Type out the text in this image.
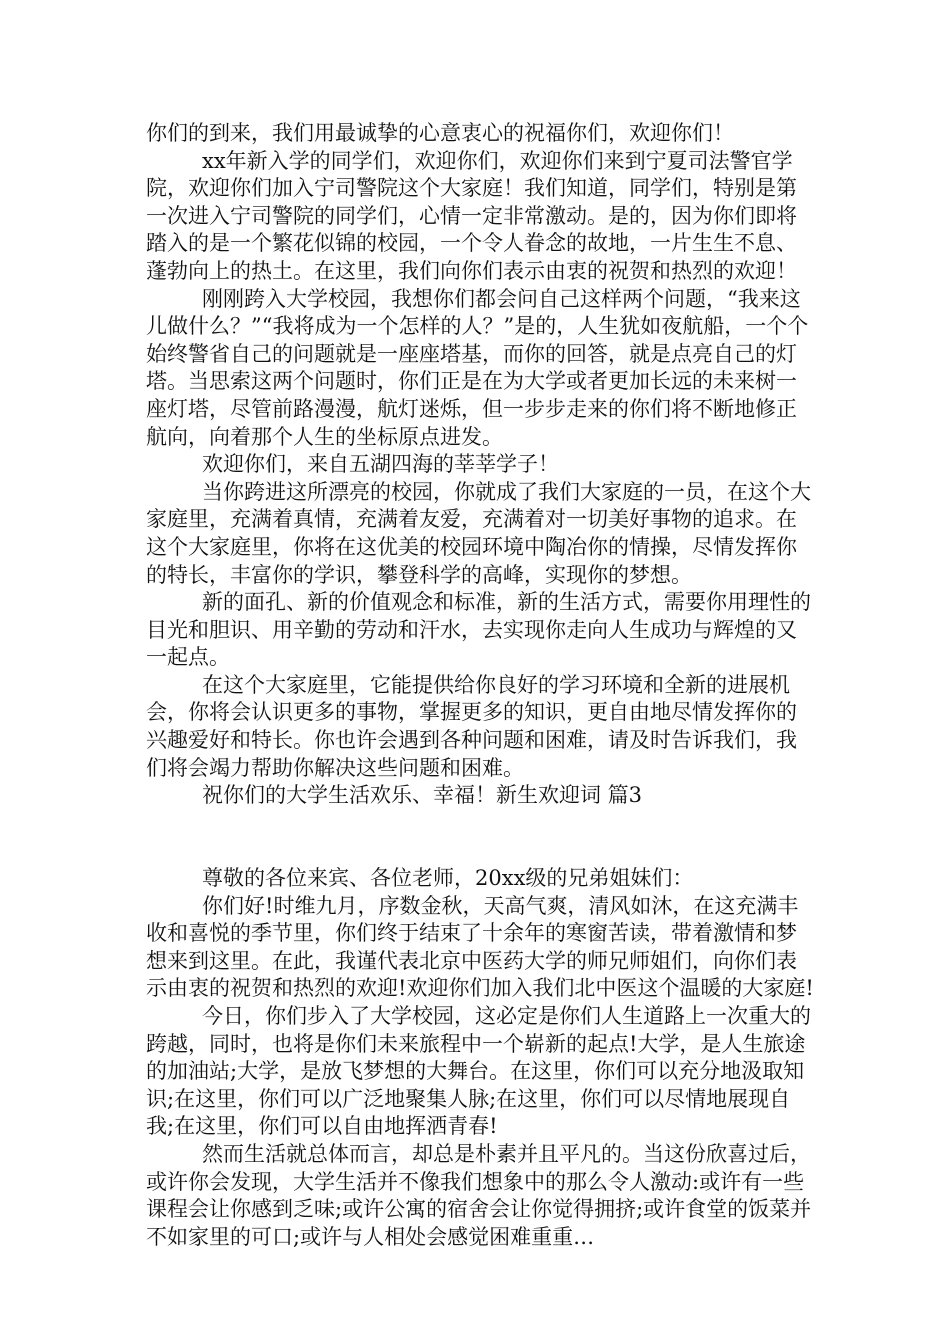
你们的到来，我们用最诚挚的心意衷心的祝福你们，欢迎你们！

xx年新入学的同学们，欢迎你们，欢迎你们来到宁夏司法警官学院，欢迎你们加入宁司警院这个大家庭！我们知道，同学们，特别是第一次进入宁司警院的同学们，心情一定非常激动。是的，因为你们即将踏入的是一个繁花似锦的校园，一个令人眷念的故地，一片生生不息、蓬勃向上的热土。在这里，我们向你们表示由衷的祝贺和热烈的欢迎！

刚刚跨入大学校园，我想你们都会问自己这样两个问题，“我来这儿做什么？”“我将成为一个怎样的人？”是的，人生犹如夜航船，一个个始终警省自己的问题就是一座座塔基，而你的回答，就是点亮自己的灯塔。当思索这两个问题时，你们正是在为大学或者更加长远的未来树一座灯塔，尽管前路漫漫，航灯迷烁，但一步步走来的你们将不断地修正航向，向着那个人生的坐标原点进发。

欢迎你们，来自五湖四海的莘莘学子！

当你跨进这所漂亮的校园，你就成了我们大家庭的一员，在这个大家庭里，充满着真情，充满着友爱，充满着对一切美好事物的追求。在这个大家庭里，你将在这优美的校园环境中陶冶你的情操，尽情发挥你的特长，丰富你的学识，攀登科学的高峰，实现你的梦想。

新的面孔、新的价值观念和标准，新的生活方式，需要你用理性的目光和胆识、用辛勤的劳动和汗水，去实现你走向人生成功与辉煌的又一起点。

在这个大家庭里，它能提供给你良好的学习环境和全新的进展机会，你将会认识更多的事物，掌握更多的知识，更自由地尽情发挥你的兴趣爱好和特长。你也许会遇到各种问题和困难，请及时告诉我们，我们将会竭力帮助你解决这些问题和困难。

祝你们的大学生活欢乐、幸福！新生欢迎词 篇3

尊敬的各位来宾、各位老师，20xx级的兄弟姐妹们：

你们好!时维九月，序数金秋，天高气爽，清风如沐，在这充满丰收和喜悦的季节里，你们终于结束了十余年的寒窗苦读，带着激情和梦想来到这里。在此，我谨代表北京中医药大学的师兄师姐们，向你们表示由衷的祝贺和热烈的欢迎!欢迎你们加入我们北中医这个温暖的大家庭!

今日，你们步入了大学校园，这必定是你们人生道路上一次重大的跨越，同时，也将是你们未来旅程中一个崭新的起点!大学，是人生旅途的加油站;大学，是放飞梦想的大舞台。在这里，你们可以充分地汲取知识;在这里，你们可以广泛地聚集人脉;在这里，你们可以尽情地展现自我;在这里，你们可以自由地挥洒青春!

然而生活就总体而言，却总是朴素并且平凡的。当这份欣喜过后，或许你会发现，大学生活并不像我们想象中的那么令人激动:或许有一些课程会让你感到乏味;或许公寓的宿舍会让你觉得拥挤;或许食堂的饭菜并不如家里的可口;或许与人相处会感觉困难重重…
